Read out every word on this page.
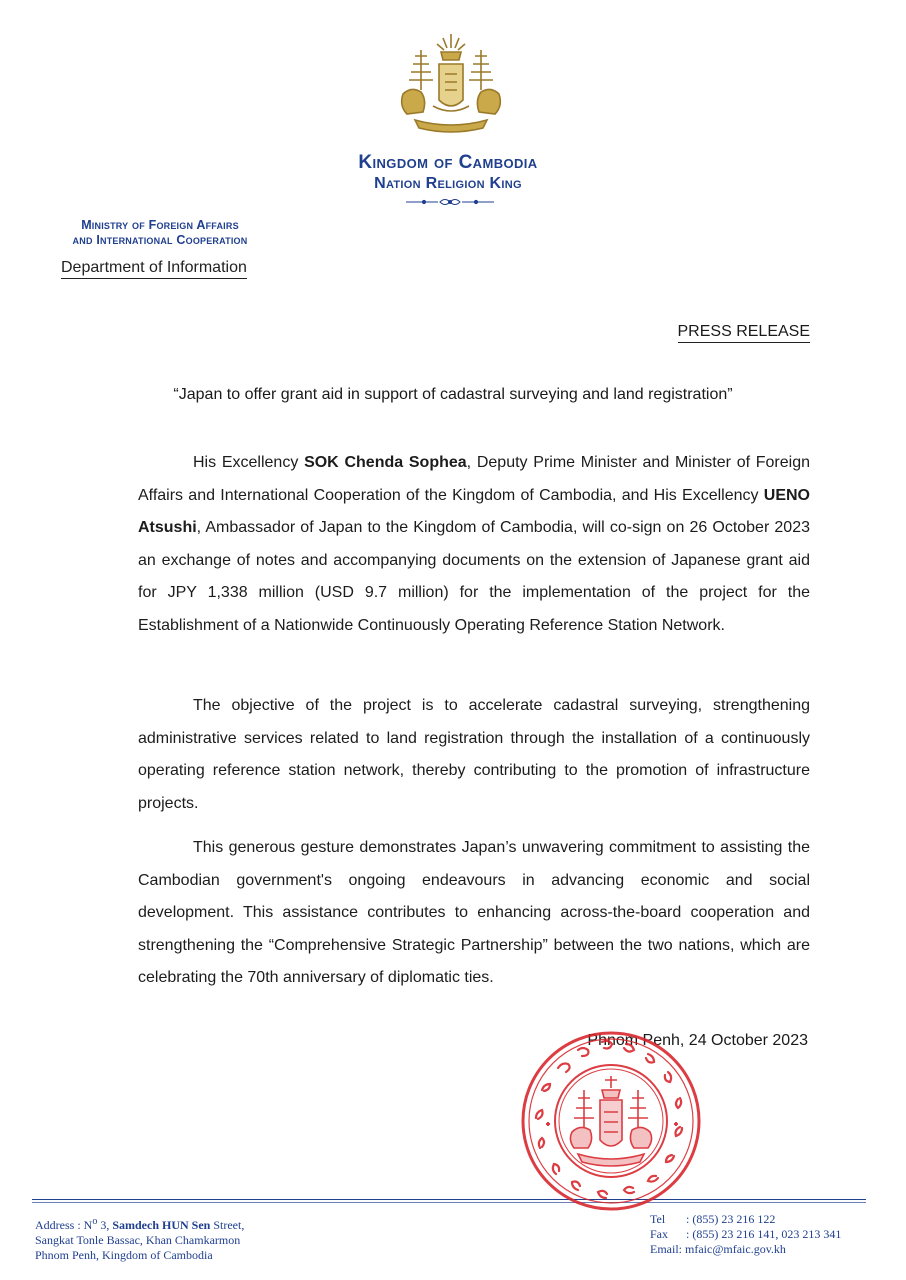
Kingdom of Cambodia
Nation Religion King
Ministry of Foreign Affairs
and International Cooperation
Department of Information
PRESS RELEASE
“Japan to offer grant aid in support of cadastral surveying and land registration”
His Excellency SOK Chenda Sophea, Deputy Prime Minister and Minister of Foreign Affairs and International Cooperation of the Kingdom of Cambodia, and His Excellency UENO Atsushi, Ambassador of Japan to the Kingdom of Cambodia, will co-sign on 26 October 2023 an exchange of notes and accompanying documents on the extension of Japanese grant aid for JPY 1,338 million (USD 9.7 million) for the implementation of the project for the Establishment of a Nationwide Continuously Operating Reference Station Network.
The objective of the project is to accelerate cadastral surveying, strengthening administrative services related to land registration through the installation of a continuously operating reference station network, thereby contributing to the promotion of infrastructure projects.
This generous gesture demonstrates Japan’s unwavering commitment to assisting the Cambodian government's ongoing endeavours in advancing economic and social development. This assistance contributes to enhancing across-the-board cooperation and strengthening the “Comprehensive Strategic Partnership” between the two nations, which are celebrating the 70th anniversary of diplomatic ties.
Phnom Penh, 24 October 2023
Address : $N^o$ 3, Samdech HUN Sen Street,
Sangkat Tonle Bassac, Khan Chamkarmon
Phnom Penh, Kingdom of Cambodia
Tel	: (855) 23 216 122
Fax	: (855) 23 216 141, 023 213 341
Email : mfaic@mfaic.gov.kh
